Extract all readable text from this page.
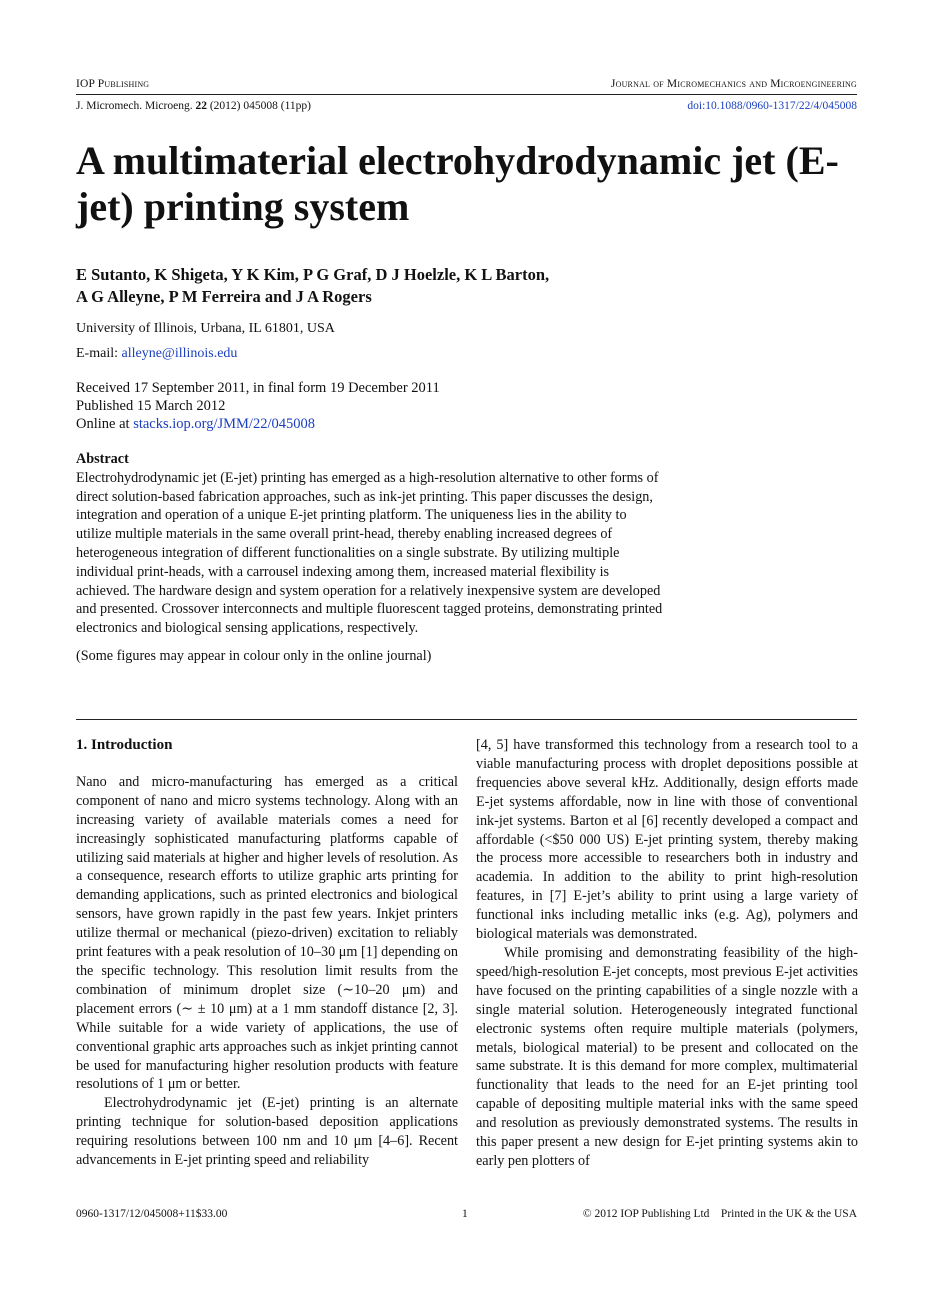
IOP Publishing	Journal of Micromechanics and Microengineering
J. Micromech. Microeng. 22 (2012) 045008 (11pp)	doi:10.1088/0960-1317/22/4/045008
A multimaterial electrohydrodynamic jet (E-jet) printing system
E Sutanto, K Shigeta, Y K Kim, P G Graf, D J Hoelzle, K L Barton,
A G Alleyne, P M Ferreira and J A Rogers
University of Illinois, Urbana, IL 61801, USA
E-mail: alleyne@illinois.edu
Received 17 September 2011, in final form 19 December 2011
Published 15 March 2012
Online at stacks.iop.org/JMM/22/045008
Abstract

Electrohydrodynamic jet (E-jet) printing has emerged as a high-resolution alternative to other forms of direct solution-based fabrication approaches, such as ink-jet printing. This paper discusses the design, integration and operation of a unique E-jet printing platform. The uniqueness lies in the ability to utilize multiple materials in the same overall print-head, thereby enabling increased degrees of heterogeneous integration of different functionalities on a single substrate. By utilizing multiple individual print-heads, with a carrousel indexing among them, increased material flexibility is achieved. The hardware design and system operation for a relatively inexpensive system are developed and presented. Crossover interconnects and multiple fluorescent tagged proteins, demonstrating printed electronics and biological sensing applications, respectively.

(Some figures may appear in colour only in the online journal)

1. Introduction

Nano and micro-manufacturing has emerged as a critical component of nano and micro systems technology. Along with an increasing variety of available materials comes a need for increasingly sophisticated manufacturing platforms capable of utilizing said materials at higher and higher levels of resolution. As a consequence, research efforts to utilize graphic arts printing for demanding applications, such as printed electronics and biological sensors, have grown rapidly in the past few years. Inkjet printers utilize thermal or mechanical (piezo-driven) excitation to reliably print features with a peak resolution of 10–30 μm [1] depending on the specific technology. This resolution limit results from the combination of minimum droplet size (∼10–20 μm) and placement errors (∼ ± 10 μm) at a 1 mm standoff distance [2, 3]. While suitable for a wide variety of applications, the use of conventional graphic arts approaches such as inkjet printing cannot be used for manufacturing higher resolution products with feature resolutions of 1 μm or better.

Electrohydrodynamic jet (E-jet) printing is an alternate printing technique for solution-based deposition applications requiring resolutions between 100 nm and 10 μm [4–6]. Recent advancements in E-jet printing speed and reliability

[4, 5] have transformed this technology from a research tool to a viable manufacturing process with droplet depositions possible at frequencies above several kHz. Additionally, design efforts made E-jet systems affordable, now in line with those of conventional ink-jet systems. Barton et al [6] recently developed a compact and affordable (<$50 000 US) E-jet printing system, thereby making the process more accessible to researchers both in industry and academia. In addition to the ability to print high-resolution features, in [7] E-jet’s ability to print using a large variety of functional inks including metallic inks (e.g. Ag), polymers and biological materials was demonstrated.

While promising and demonstrating feasibility of the high-speed/high-resolution E-jet concepts, most previous E-jet activities have focused on the printing capabilities of a single nozzle with a single material solution. Heterogeneously integrated functional electronic systems often require multiple materials (polymers, metals, biological material) to be present and collocated on the same substrate. It is this demand for more complex, multimaterial functionality that leads to the need for an E-jet printing tool capable of depositing multiple material inks with the same speed and resolution as previously demonstrated systems. The results in this paper present a new design for E-jet printing systems akin to early pen plotters of

0960-1317/12/045008+11$33.00	1	© 2012 IOP Publishing Ltd    Printed in the UK & the USA
